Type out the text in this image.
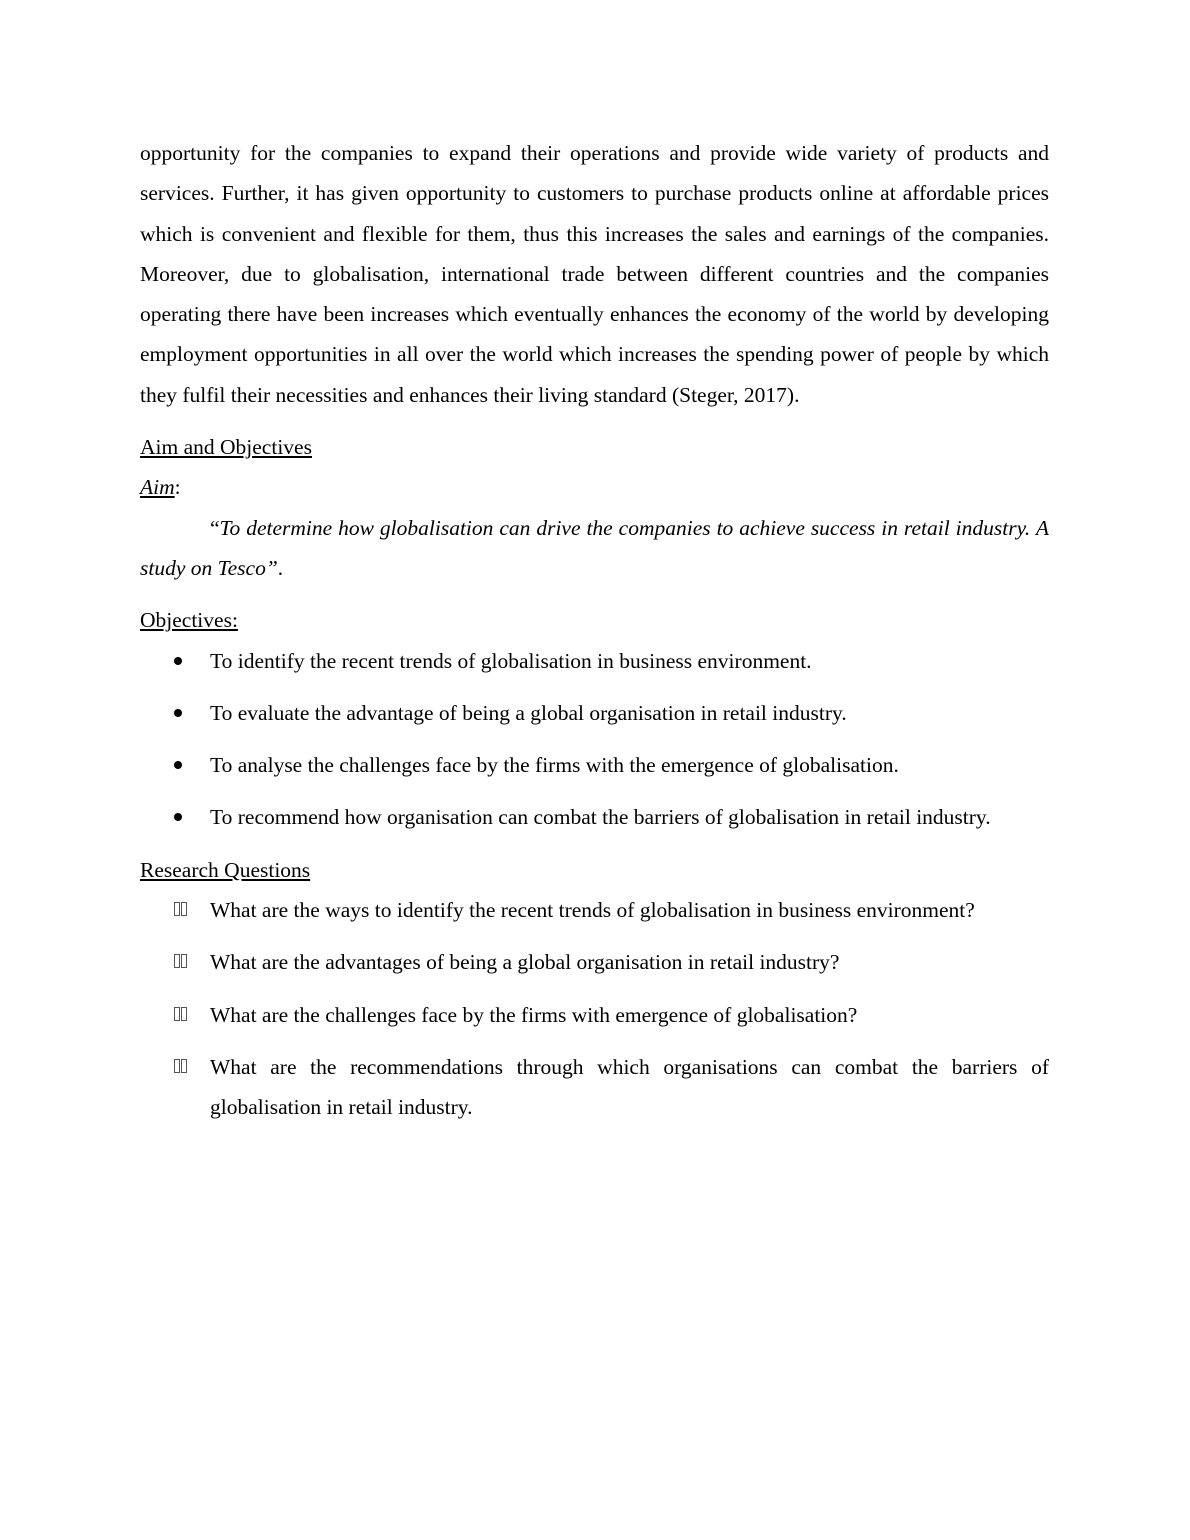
opportunity for the companies to expand their operations and provide wide variety of products and services. Further, it has given opportunity to customers to purchase products online at affordable prices which is convenient and flexible for them, thus this increases the sales and earnings of the companies. Moreover, due to globalisation, international trade between different countries and the companies operating there have been increases which eventually enhances the economy of the world by developing employment opportunities in all over the world which increases the spending power of people by which they fulfil their necessities and enhances their living standard (Steger, 2017).

Aim and Objectives

Aim:

“To determine how globalisation can drive the companies to achieve success in retail industry. A study on Tesco”.

Objectives:

To identify the recent trends of globalisation in business environment.
To evaluate the advantage of being a global organisation in retail industry.
To analyse the challenges face by the firms with the emergence of globalisation.
To recommend how organisation can combat the barriers of globalisation in retail industry.

Research Questions

What are the ways to identify the recent trends of globalisation in business environment?
What are the advantages of being a global organisation in retail industry?
What are the challenges face by the firms with emergence of globalisation?
What are the recommendations through which organisations can combat the barriers of globalisation in retail industry.
